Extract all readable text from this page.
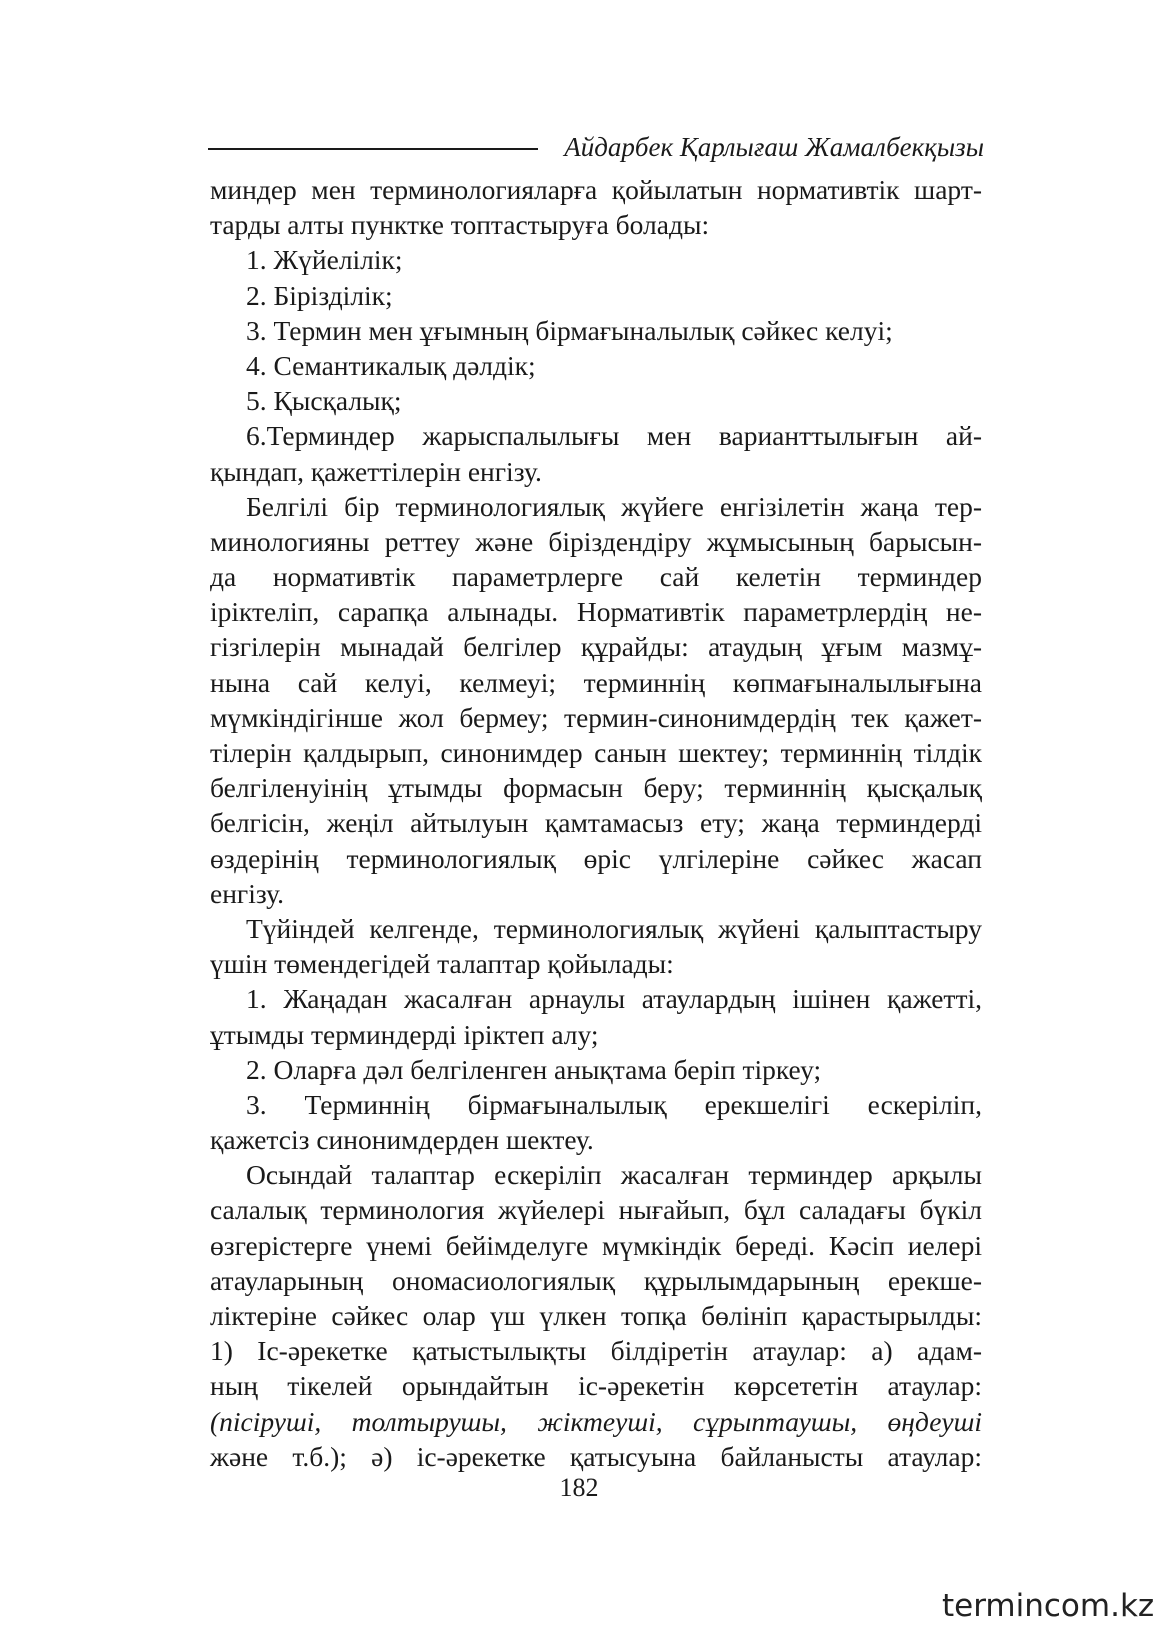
Айдарбек Қарлығаш Жамалбекқызы
миндер мен терминологияларға қойылатын нормативтік шарт-
тарды алты пунктке топтастыруға болады:
1. Жүйелілік;
2. Бірізділік;
3. Термин мен ұғымның бірмағыналылық сәйкес келуі;
4. Семантикалық дәлдік;
5. Қысқалық;
6.Терминдер жарыспалылығы мен варианттылығын ай-
қындап, қажеттілерін енгізу.
Белгілі бір терминологиялық жүйеге енгізілетін жаңа тер-
минологияны реттеу және біріздендіру жұмысының барысын-
да нормативтік параметрлерге сай келетін терминдер
іріктеліп, сарапқа алынады. Нормативтік параметрлердің не-
гізгілерін мынадай белгілер құрайды: атаудың ұғым мазмұ-
нына сай келуі, келмеуі; терминнің көпмағыналылығына
мүмкіндігінше жол бермеу; термин-синонимдердің тек қажет-
тілерін қалдырып, синонимдер санын шектеу; терминнің тілдік
белгіленуінің ұтымды формасын беру; терминнің қысқалық
белгісін, жеңіл айтылуын қамтамасыз ету; жаңа терминдерді
өздерінің терминологиялық өріс үлгілеріне сәйкес жасап
енгізу.
Түйіндей келгенде, терминологиялық жүйені қалыптастыру
үшін төмендегідей талаптар қойылады:
1. Жаңадан жасалған арнаулы атаулардың ішінен қажетті,
ұтымды терминдерді іріктеп алу;
2. Оларға дәл белгіленген анықтама беріп тіркеу;
3. Терминнің бірмағыналылық ерекшелігі ескеріліп,
қажетсіз синонимдерден шектеу.
Осындай талаптар ескеріліп жасалған терминдер арқылы
салалық терминология жүйелері нығайып, бұл саладағы бүкіл
өзгерістерге үнемі бейімделуге мүмкіндік береді. Кәсіп иелері
атауларының ономасиологиялық құрылымдарының ерекше-
ліктеріне сәйкес олар үш үлкен топқа бөлініп қарастырылды:
1) Іс-әрекетке қатыстылықты білдіретін атаулар: а) адам-
ның тікелей орындайтын іс-әрекетін көрсететін атаулар:
(пісіруші, толтырушы, жіктеуші, сұрыптаушы, өңдеуші
және т.б.); ә) іс-әрекетке қатысуына байланысты атаулар:
182
termincom.kz
